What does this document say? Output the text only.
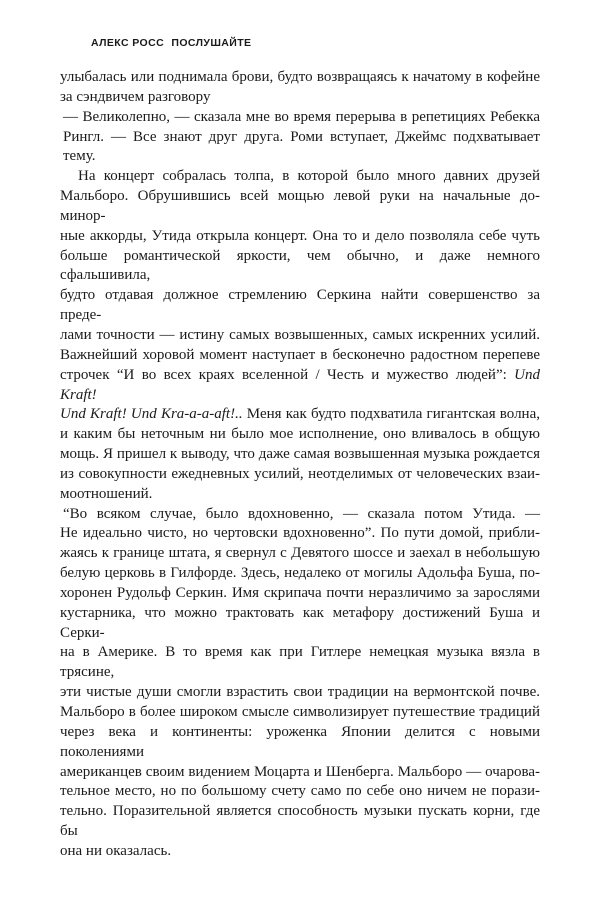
АЛЕКС РОСС ПОСЛУШАЙТЕ

улыбалась или поднимала брови, будто возвращаясь к начатому в кофейне
за сэндвичем разговору

— Великолепно, — сказала мне во время перерыва в репетициях Ребекка
Рингл. — Все знают друг друга. Роми вступает, Джеймс подхватывает тему.

На концерт собралась толпа, в которой было много давних друзей
Мальборо. Обрушившись всей мощью левой руки на начальные до-минор-
ные аккорды, Утида открыла концерт. Она то и дело позволяла себе чуть
больше романтической яркости, чем обычно, и даже немного сфальшивила,
будто отдавая должное стремлению Серкина найти совершенство за преде-
лами точности — истину самых возвышенных, самых искренних усилий.
Важнейший хоровой момент наступает в бесконечно радостном перепеве
строчек “И во всех краях вселенной / Честь и мужество людей”: Und Kraft!
Und Kraft! Und Kra-a-a-aft!.. Меня как будто подхватила гигантская волна,
и каким бы неточным ни было мое исполнение, оно вливалось в общую
мощь. Я пришел к выводу, что даже самая возвышенная музыка рождается
из совокупности ежедневных усилий, неотделимых от человеческих взаи-
моотношений.

“Во всяком случае, было вдохновенно, — сказала потом Утида. —
Не идеально чисто, но чертовски вдохновенно”. По пути домой, прибли-
жаясь к границе штата, я свернул с Девятого шоссе и заехал в небольшую
белую церковь в Гилфорде. Здесь, недалеко от могилы Адольфа Буша, по-
хоронен Рудольф Серкин. Имя скрипача почти неразличимо за зарослями
кустарника, что можно трактовать как метафору достижений Буша и Серки-
на в Америке. В то время как при Гитлере немецкая музыка вязла в трясине,
эти чистые души смогли взрастить свои традиции на вермонтской почве.
Мальборо в более широком смысле символизирует путешествие традиций
через века и континенты: уроженка Японии делится с новыми поколениями
американцев своим видением Моцарта и Шенберга. Мальборо — очарова-
тельное место, но по большому счету само по себе оно ничем не порази-
тельно. Поразительной является способность музыки пускать корни, где бы
она ни оказалась.
